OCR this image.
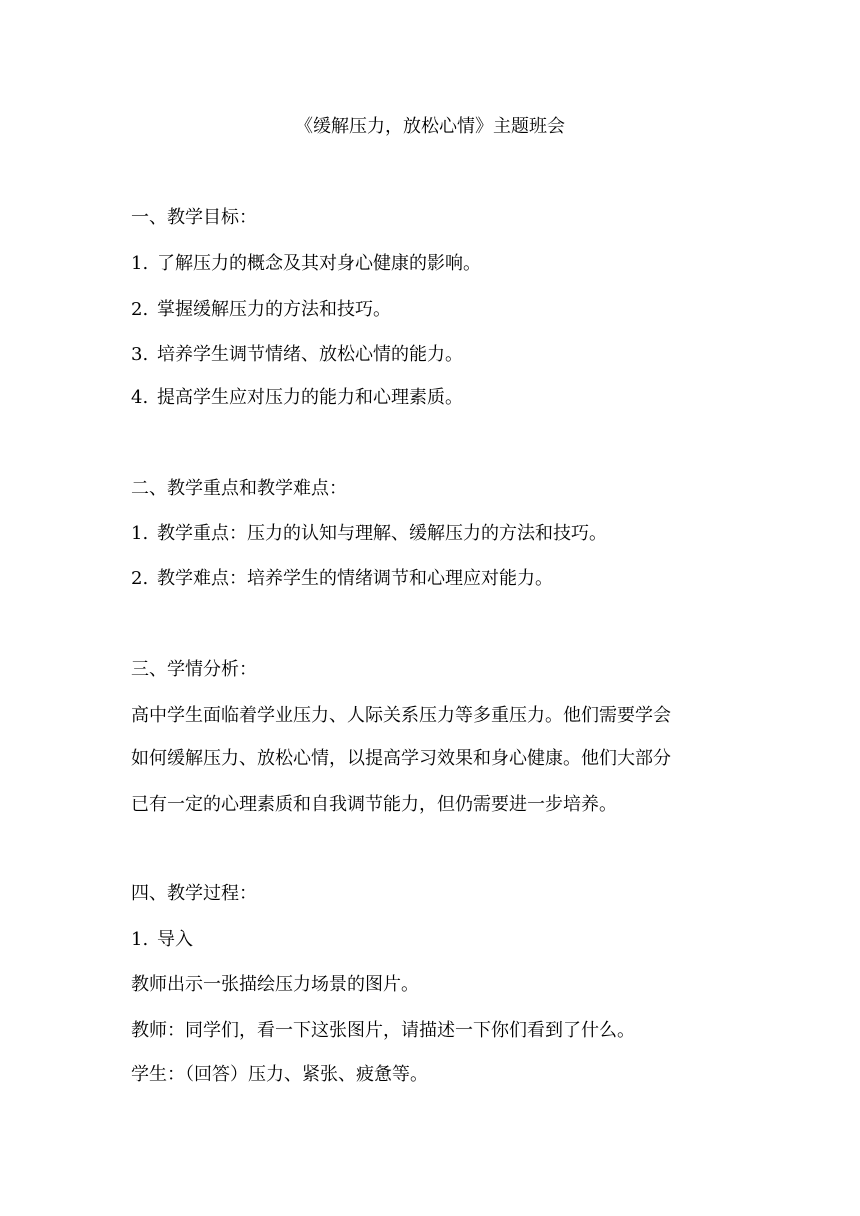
《缓解压力，放松心情》主题班会
一、教学目标：
1. 了解压力的概念及其对身心健康的影响。
2. 掌握缓解压力的方法和技巧。
3. 培养学生调节情绪、放松心情的能力。
4. 提高学生应对压力的能力和心理素质。
二、教学重点和教学难点：
1. 教学重点：压力的认知与理解、缓解压力的方法和技巧。
2. 教学难点：培养学生的情绪调节和心理应对能力。
三、学情分析：
高中学生面临着学业压力、人际关系压力等多重压力。他们需要学会
如何缓解压力、放松心情，以提高学习效果和身心健康。他们大部分
已有一定的心理素质和自我调节能力，但仍需要进一步培养。
四、教学过程：
1. 导入
教师出示一张描绘压力场景的图片。
教师：同学们，看一下这张图片，请描述一下你们看到了什么。
学生：（回答）压力、紧张、疲惫等。
